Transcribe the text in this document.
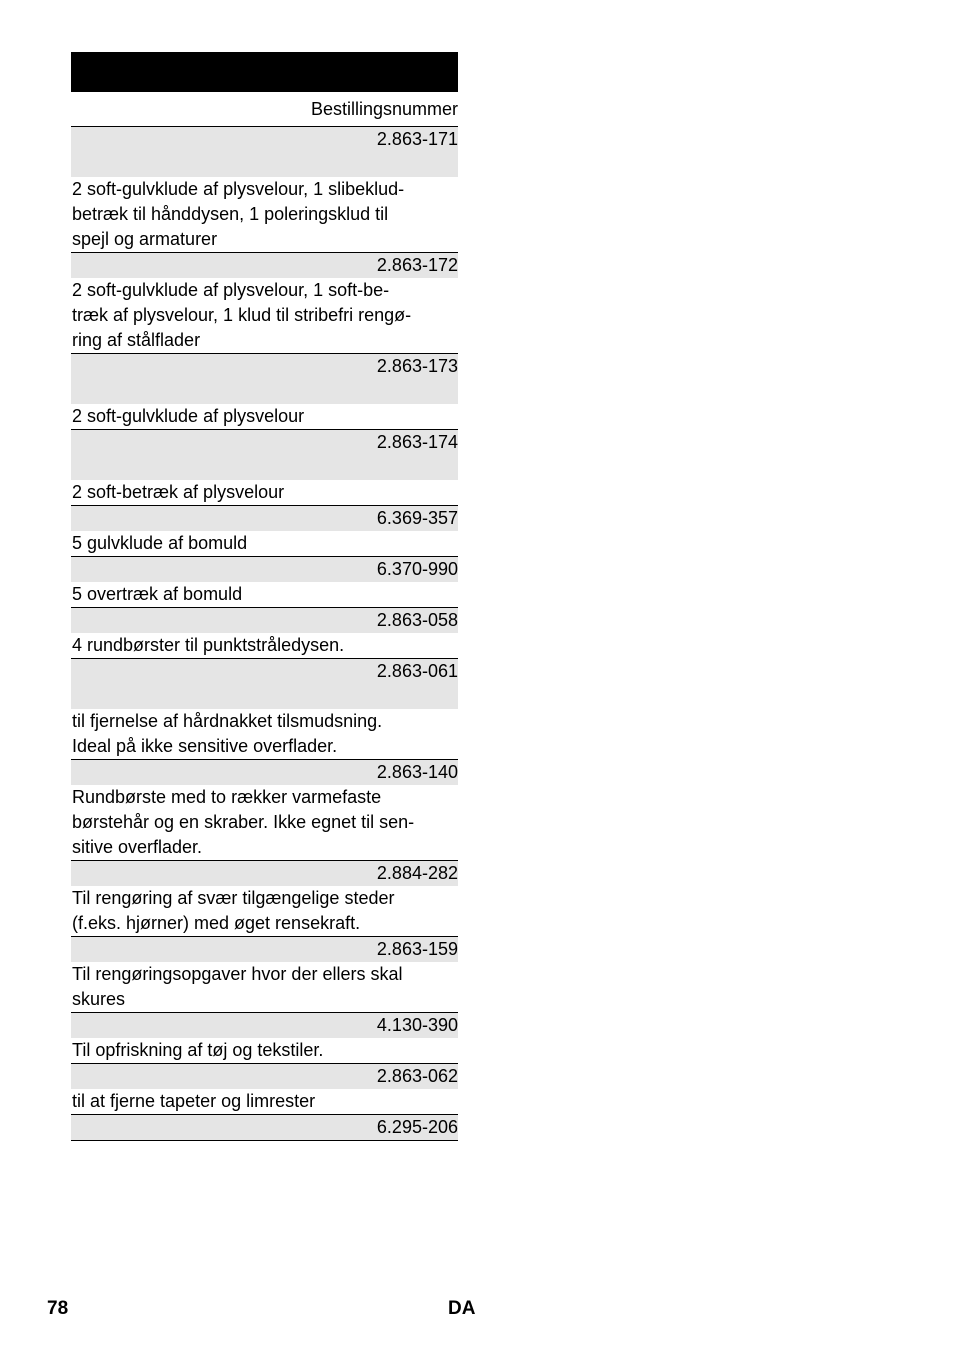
Bestillingsnummer
2.863-171
2 soft-gulvklude af plysvelour, 1 slibeklud-
betræk til hånddysen, 1 poleringsklud til
spejl og armaturer
2.863-172
2 soft-gulvklude af plysvelour, 1 soft-be-
træk af plysvelour, 1 klud til stribefri rengø-
ring af stålflader
2.863-173
2 soft-gulvklude af plysvelour
2.863-174
2 soft-betræk af plysvelour
6.369-357
5 gulvklude af bomuld
6.370-990
5 overtræk af bomuld
2.863-058
4 rundbørster til punktstråledysen.
2.863-061
til fjernelse af hårdnakket tilsmudsning.
Ideal på ikke sensitive overflader.
2.863-140
Rundbørste med to rækker varmefaste
børstehår og en skraber. Ikke egnet til sen-
sitive overflader.
2.884-282
Til rengøring af svær tilgængelige steder
(f.eks. hjørner) med øget rensekraft.
2.863-159
Til rengøringsopgaver hvor der ellers skal
skures
4.130-390
Til opfriskning af tøj og tekstiler.
2.863-062
til at fjerne tapeter og limrester
6.295-206
78	DA
